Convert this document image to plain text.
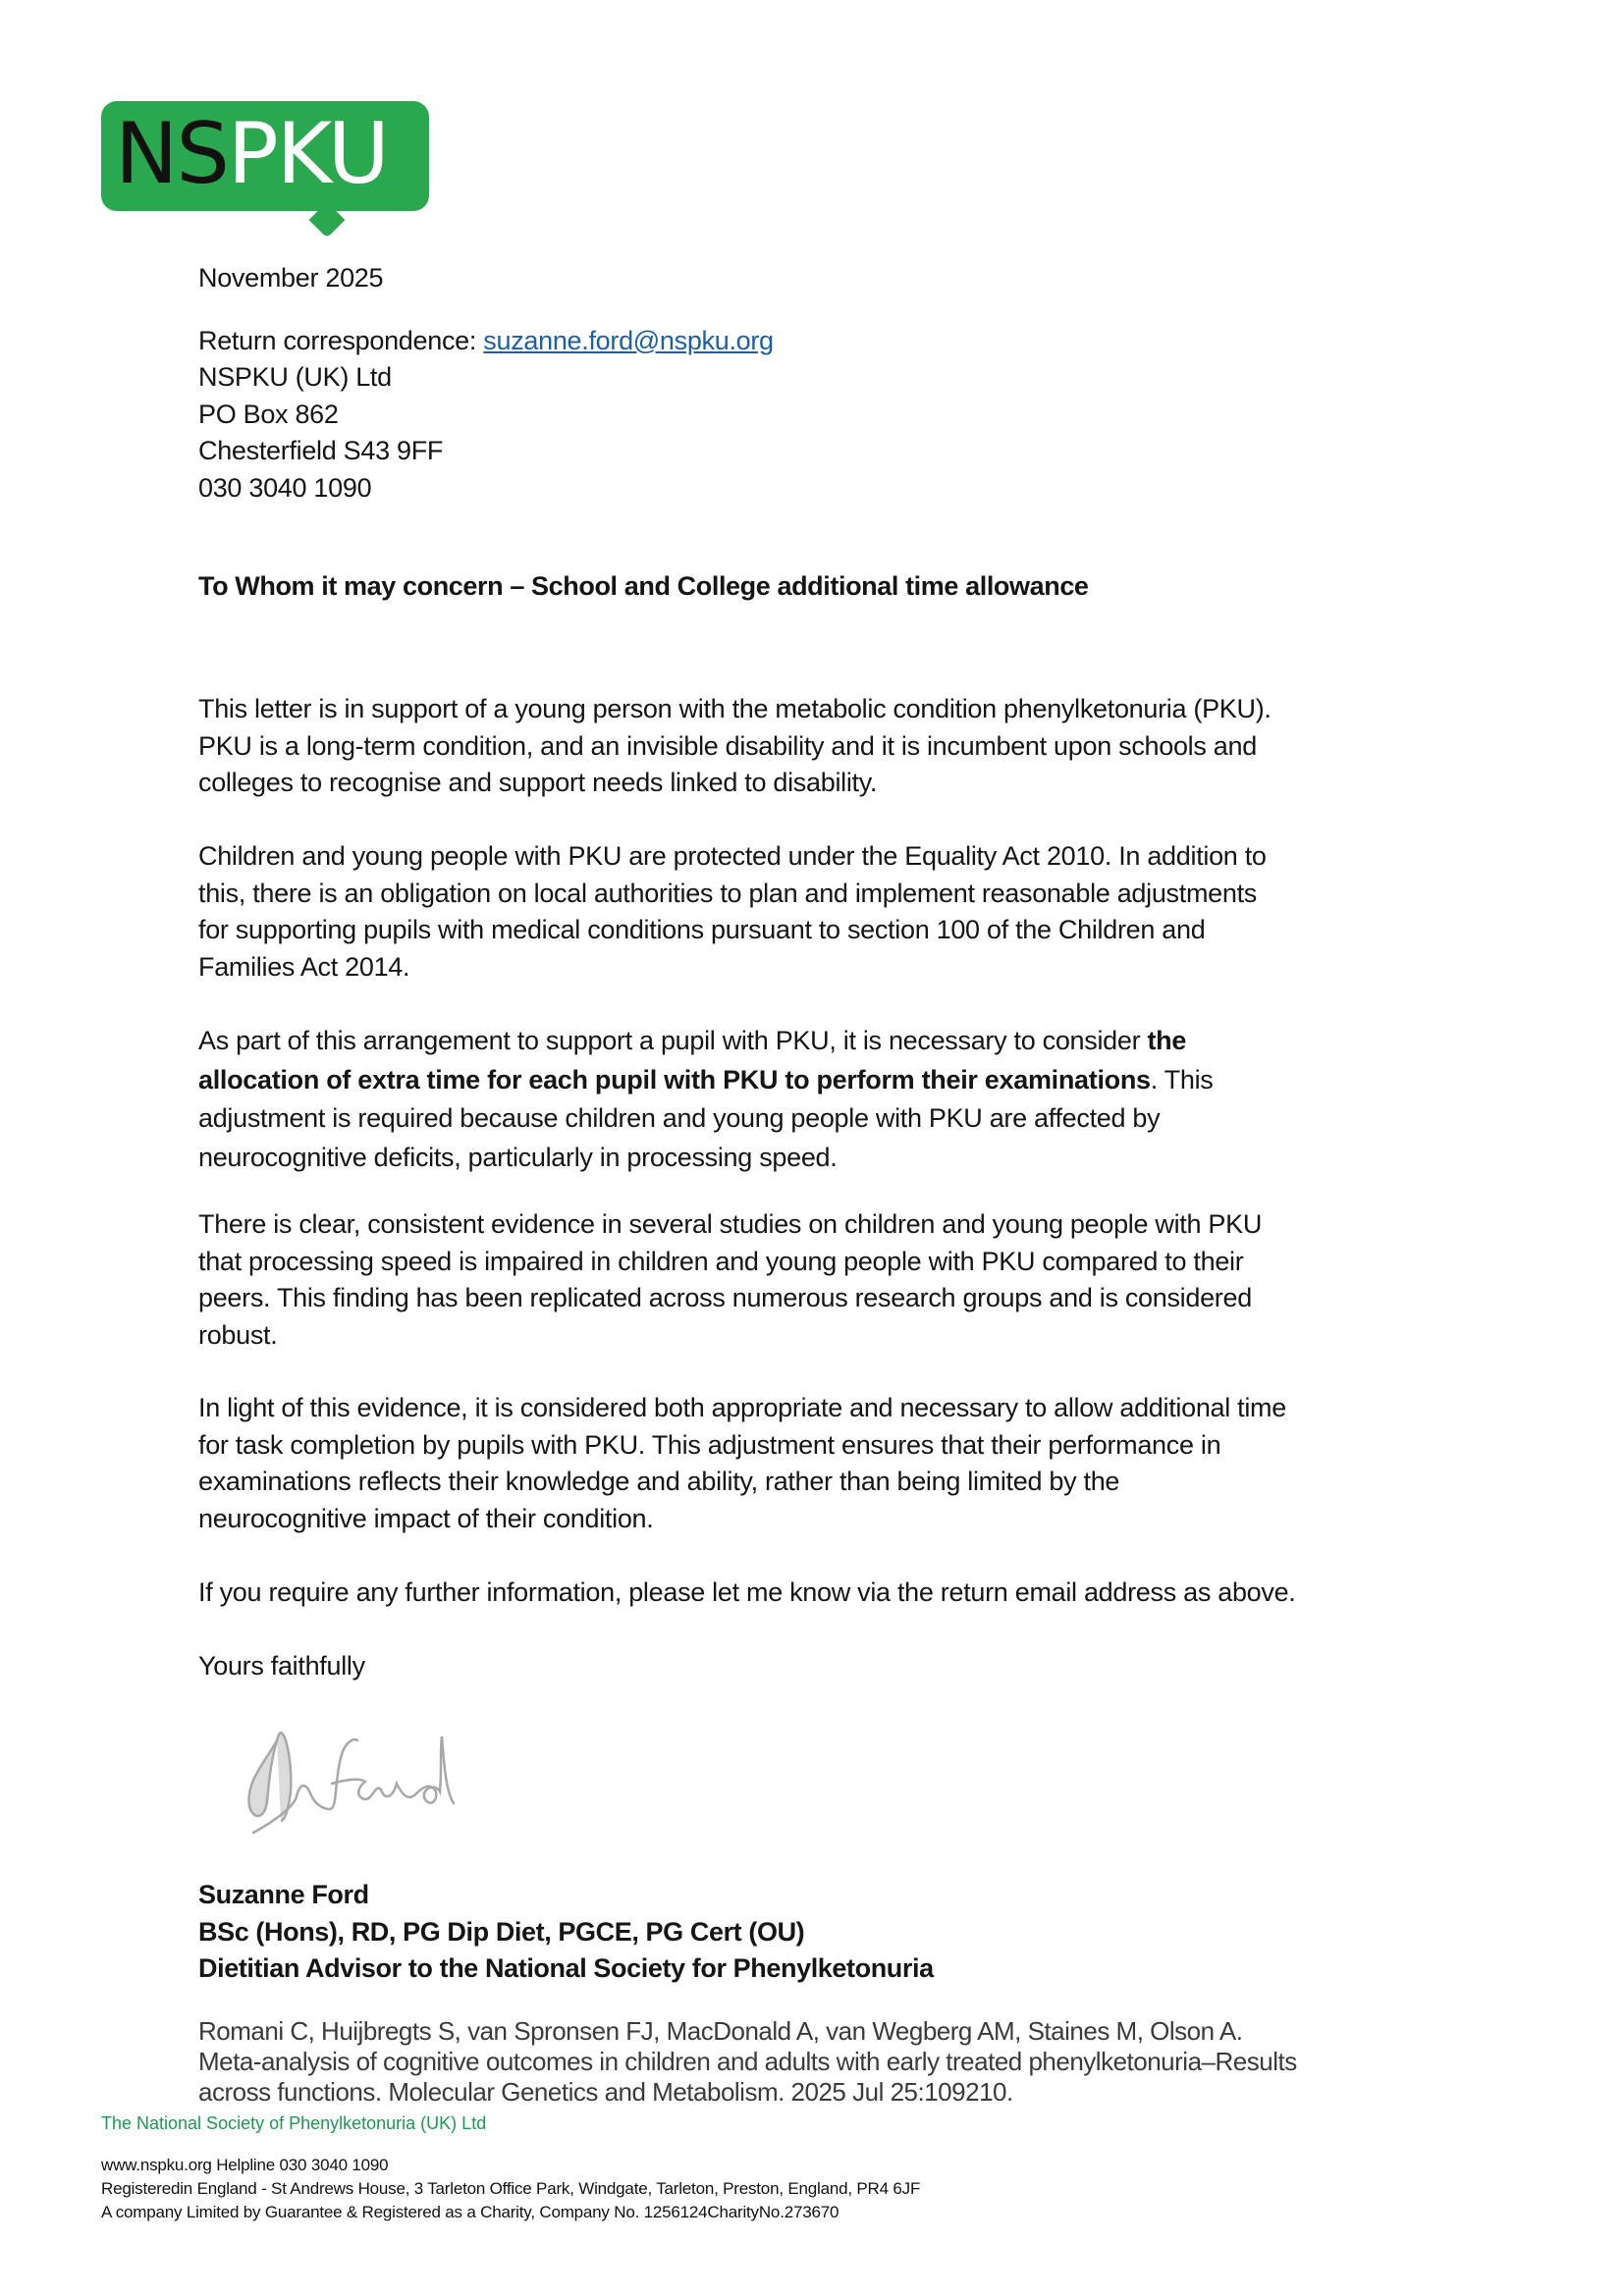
NSPKU
November 2025
Return correspondence: suzanne.ford@nspku.org
NSPKU (UK) Ltd
PO Box 862
Chesterfield S43 9FF
030 3040 1090
To Whom it may concern – School and College additional time allowance
This letter is in support of a young person with the metabolic condition phenylketonuria (PKU).
PKU is a long-term condition, and an invisible disability and it is incumbent upon schools and
colleges to recognise and support needs linked to disability.
Children and young people with PKU are protected under the Equality Act 2010. In addition to
this, there is an obligation on local authorities to plan and implement reasonable adjustments
for supporting pupils with medical conditions pursuant to section 100 of the Children and
Families Act 2014.
As part of this arrangement to support a pupil with PKU, it is necessary to consider the
allocation of extra time for each pupil with PKU to perform their examinations. This
adjustment is required because children and young people with PKU are affected by
neurocognitive deficits, particularly in processing speed.
There is clear, consistent evidence in several studies on children and young people with PKU
that processing speed is impaired in children and young people with PKU compared to their
peers. This finding has been replicated across numerous research groups and is considered
robust.
In light of this evidence, it is considered both appropriate and necessary to allow additional time
for task completion by pupils with PKU. This adjustment ensures that their performance in
examinations reflects their knowledge and ability, rather than being limited by the
neurocognitive impact of their condition.
If you require any further information, please let me know via the return email address as above.
Yours faithfully
Suzanne Ford
BSc (Hons), RD, PG Dip Diet, PGCE, PG Cert (OU)
Dietitian Advisor to the National Society for Phenylketonuria
Romani C, Huijbregts S, van Spronsen FJ, MacDonald A, van Wegberg AM, Staines M, Olson A.
Meta-analysis of cognitive outcomes in children and adults with early treated phenylketonuria–Results
across functions. Molecular Genetics and Metabolism. 2025 Jul 25:109210.
The National Society of Phenylketonuria (UK) Ltd
www.nspku.org Helpline 030 3040 1090
Registeredin England - St Andrews House, 3 Tarleton Office Park, Windgate, Tarleton, Preston, England, PR4 6JF
A company Limited by Guarantee & Registered as a Charity, Company No. 1256124CharityNo.273670
